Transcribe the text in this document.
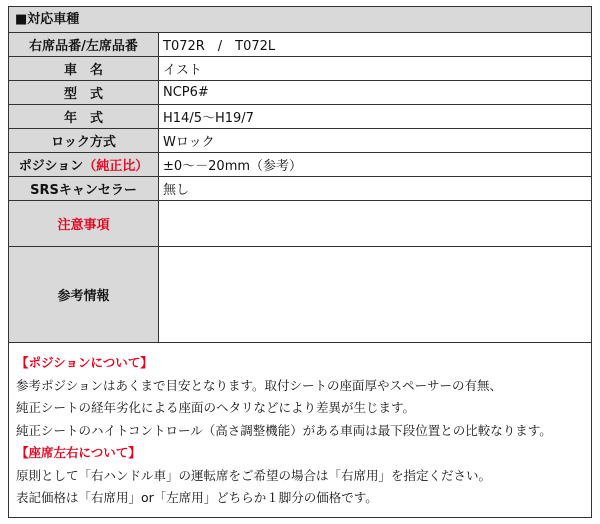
■対応車種
右席品番/左席品番	T072R　/　T072L
車　名	イスト
型　式	NCP6#
年　式	H14/5〜H19/7
ロック方式	Wロック
ポジション（純正比）	±0〜－20mm（参考）
SRSキャンセラー	無し
注意事項	
参考情報	
【ポジションについて】
参考ポジションはあくまで目安となります。取付シートの座面厚やスペーサーの有無、
純正シートの経年劣化による座面のヘタリなどにより差異が生じます。
純正シートのハイトコントロール（高さ調整機能）がある車両は最下段位置との比較なります。
【座席左右について】
原則として「右ハンドル車」の運転席をご希望の場合は「右席用」を指定ください。
表記価格は「右席用」or「左席用」どちらか１脚分の価格です。
